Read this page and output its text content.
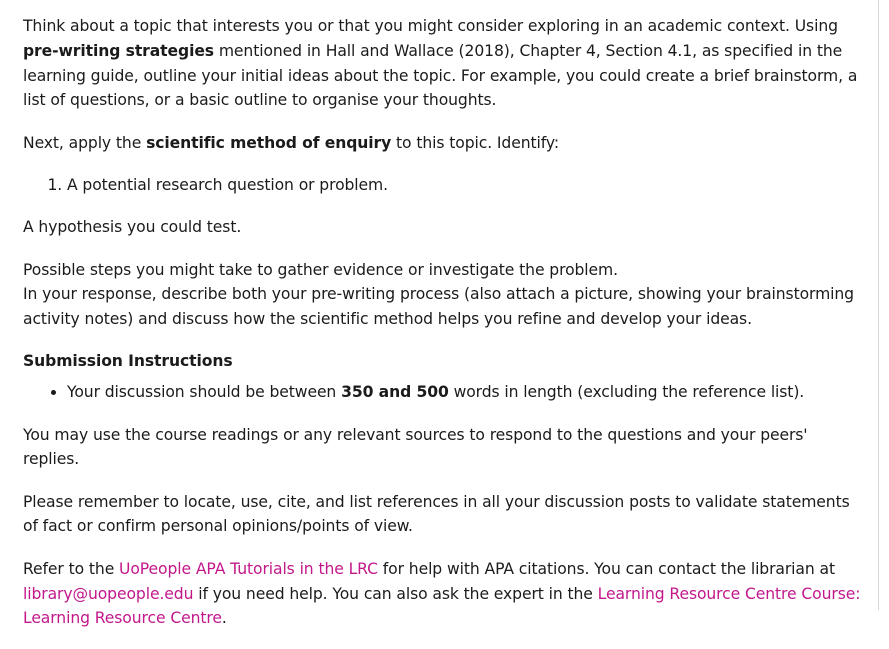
Think about a topic that interests you or that you might consider exploring in an academic context. Using pre-writing strategies mentioned in Hall and Wallace (2018), Chapter 4, Section 4.1, as specified in the learning guide, outline your initial ideas about the topic. For example, you could create a brief brainstorm, a list of questions, or a basic outline to organise your thoughts.

Next, apply the scientific method of enquiry to this topic. Identify:

1. A potential research question or problem.

A hypothesis you could test.

Possible steps you might take to gather evidence or investigate the problem.

In your response, describe both your pre-writing process (also attach a picture, showing your brainstorming activity notes) and discuss how the scientific method helps you refine and develop your ideas.

Submission Instructions
• Your discussion should be between 350 and 500 words in length (excluding the reference list).

You may use the course readings or any relevant sources to respond to the questions and your peers' replies.

Please remember to locate, use, cite, and list references in all your discussion posts to validate statements of fact or confirm personal opinions/points of view.

Refer to the UoPeople APA Tutorials in the LRC for help with APA citations. You can contact the librarian at library@uopeople.edu if you need help. You can also ask the expert in the Learning Resource Centre Course: Learning Resource Centre.
